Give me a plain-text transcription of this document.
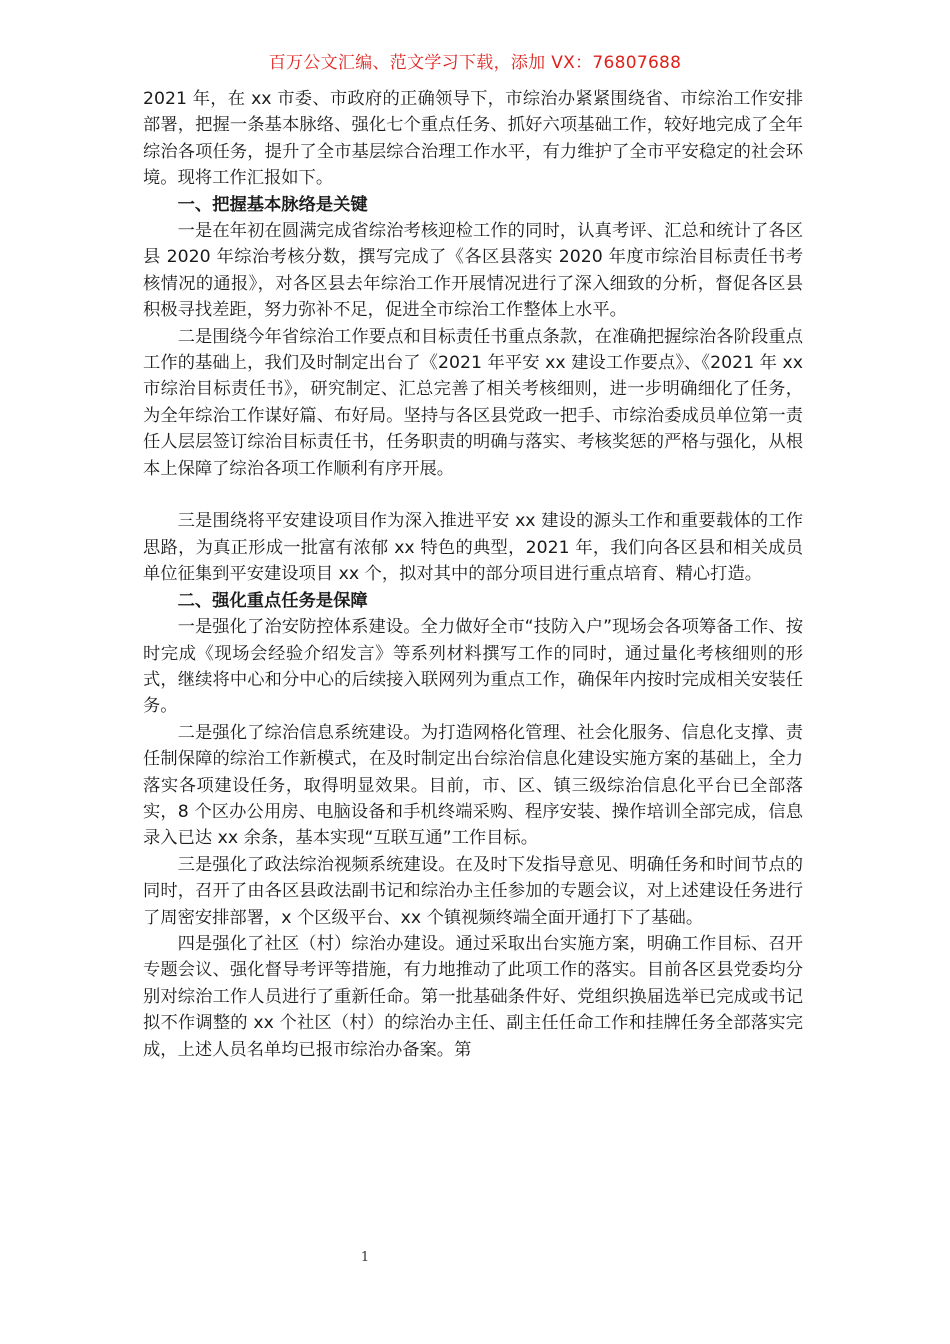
百万公文汇编、范文学习下载，添加 VX：76807688

2021 年，在 xx 市委、市政府的正确领导下，市综治办紧紧围绕省、市综治工作安排部署，把握一条基本脉络、强化七个重点任务、抓好六项基础工作，较好地完成了全年综治各项任务，提升了全市基层综合治理工作水平，有力维护了全市平安稳定的社会环境。现将工作汇报如下。

一、把握基本脉络是关键

一是在年初在圆满完成省综治考核迎检工作的同时，认真考评、汇总和统计了各区县 2020 年综治考核分数，撰写完成了《各区县落实 2020 年度市综治目标责任书考核情况的通报》，对各区县去年综治工作开展情况进行了深入细致的分析，督促各区县积极寻找差距，努力弥补不足，促进全市综治工作整体上水平。

二是围绕今年省综治工作要点和目标责任书重点条款，在准确把握综治各阶段重点工作的基础上，我们及时制定出台了《2021 年平安 xx 建设工作要点》、《2021 年 xx 市综治目标责任书》，研究制定、汇总完善了相关考核细则，进一步明确细化了任务，为全年综治工作谋好篇、布好局。坚持与各区县党政一把手、市综治委成员单位第一责任人层层签订综治目标责任书，任务职责的明确与落实、考核奖惩的严格与强化，从根本上保障了综治各项工作顺利有序开展。

三是围绕将平安建设项目作为深入推进平安 xx 建设的源头工作和重要载体的工作思路，为真正形成一批富有浓郁 xx 特色的典型，2021 年，我们向各区县和相关成员单位征集到平安建设项目 xx 个，拟对其中的部分项目进行重点培育、精心打造。

二、强化重点任务是保障

一是强化了治安防控体系建设。全力做好全市“技防入户”现场会各项筹备工作、按时完成《现场会经验介绍发言》等系列材料撰写工作的同时，通过量化考核细则的形式，继续将中心和分中心的后续接入联网列为重点工作，确保年内按时完成相关安装任务。

二是强化了综治信息系统建设。为打造网格化管理、社会化服务、信息化支撑、责任制保障的综治工作新模式，在及时制定出台综治信息化建设实施方案的基础上，全力落实各项建设任务，取得明显效果。目前，市、区、镇三级综治信息化平台已全部落实，8 个区办公用房、电脑设备和手机终端采购、程序安装、操作培训全部完成，信息录入已达 xx 余条，基本实现“互联互通”工作目标。

三是强化了政法综治视频系统建设。在及时下发指导意见、明确任务和时间节点的同时，召开了由各区县政法副书记和综治办主任参加的专题会议，对上述建设任务进行了周密安排部署，x 个区级平台、xx 个镇视频终端全面开通打下了基础。

四是强化了社区（村）综治办建设。通过采取出台实施方案，明确工作目标、召开专题会议、强化督导考评等措施，有力地推动了此项工作的落实。目前各区县党委均分别对综治工作人员进行了重新任命。第一批基础条件好、党组织换届选举已完成或书记拟不作调整的 xx 个社区（村）的综治办主任、副主任任命工作和挂牌任务全部落实完成，上述人员名单均已报市综治办备案。第

1
